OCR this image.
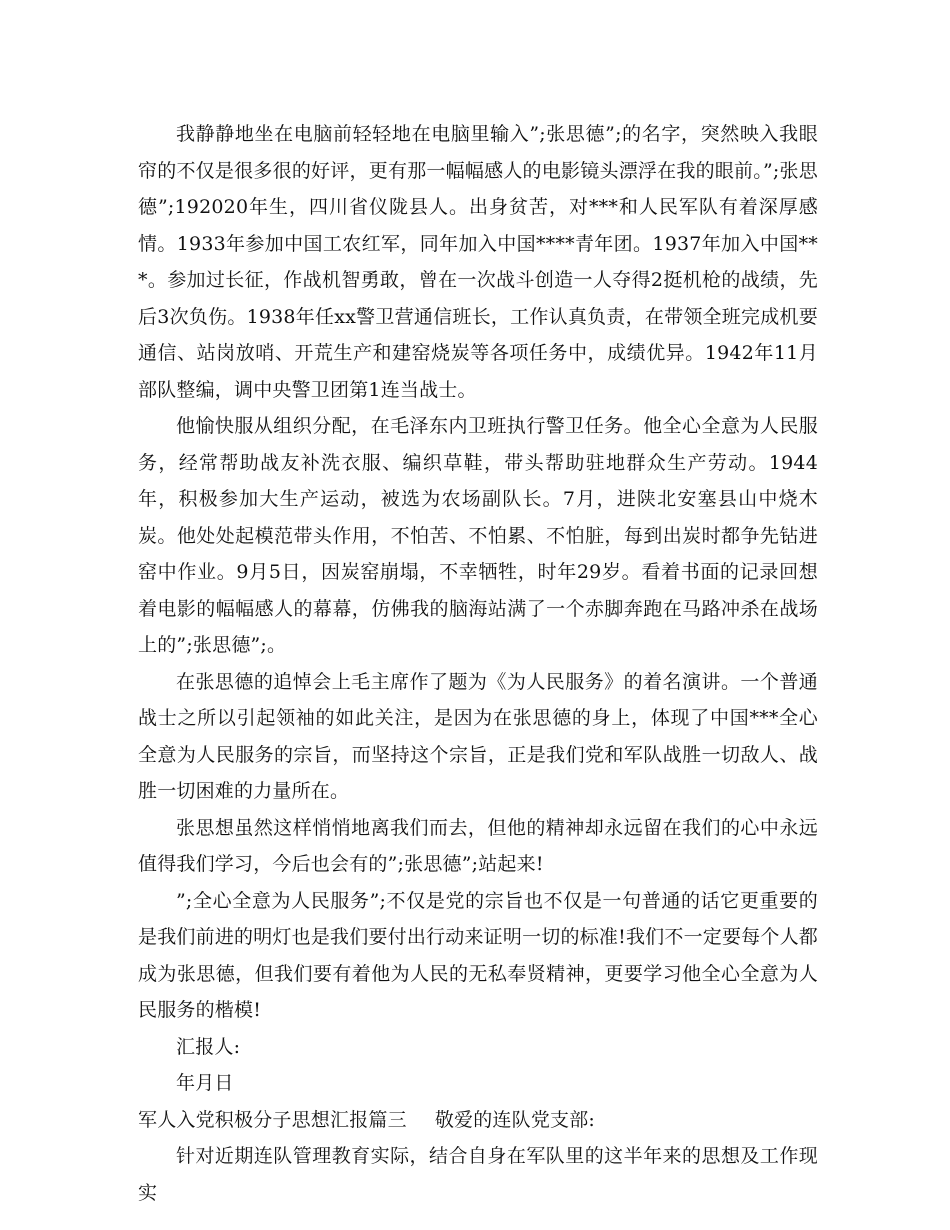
我静静地坐在电脑前轻轻地在电脑里输入”;张思德”;的名字，突然映入我眼帘的不仅是很多很的好评，更有那一幅幅感人的电影镜头漂浮在我的眼前。”;张思德”;192020年生，四川省仪陇县人。出身贫苦，对***和人民军队有着深厚感情。1933年参加中国工农红军，同年加入中国****青年团。1937年加入中国***。参加过长征，作战机智勇敢，曾在一次战斗创造一人夺得2挺机枪的战绩，先后3次负伤。1938年任xx警卫营通信班长，工作认真负责，在带领全班完成机要通信、站岗放哨、开荒生产和建窑烧炭等各项任务中，成绩优异。1942年11月部队整编，调中央警卫团第1连当战士。

他愉快服从组织分配，在毛泽东内卫班执行警卫任务。他全心全意为人民服务，经常帮助战友补洗衣服、编织草鞋，带头帮助驻地群众生产劳动。1944年，积极参加大生产运动，被选为农场副队长。7月，进陕北安塞县山中烧木炭。他处处起模范带头作用，不怕苦、不怕累、不怕脏，每到出炭时都争先钻进窑中作业。9月5日，因炭窑崩塌，不幸牺牲，时年29岁。看着书面的记录回想着电影的幅幅感人的幕幕，仿佛我的脑海站满了一个赤脚奔跑在马路冲杀在战场上的”;张思德”;。

在张思德的追悼会上毛主席作了题为《为人民服务》的着名演讲。一个普通战士之所以引起领袖的如此关注，是因为在张思德的身上，体现了中国***全心全意为人民服务的宗旨，而坚持这个宗旨，正是我们党和军队战胜一切敌人、战胜一切困难的力量所在。

张思想虽然这样悄悄地离我们而去，但他的精神却永远留在我们的心中永远值得我们学习，今后也会有的”;张思德”;站起来!

”;全心全意为人民服务”;不仅是党的宗旨也不仅是一句普通的话它更重要的是我们前进的明灯也是我们要付出行动来证明一切的标准!我们不一定要每个人都成为张思德，但我们要有着他为人民的无私奉贤精神，更要学习他全心全意为人民服务的楷模!

汇报人:

年月日

军人入党积极分子思想汇报篇三 敬爱的连队党支部:

针对近期连队管理教育实际，结合自身在军队里的这半年来的思想及工作现实
